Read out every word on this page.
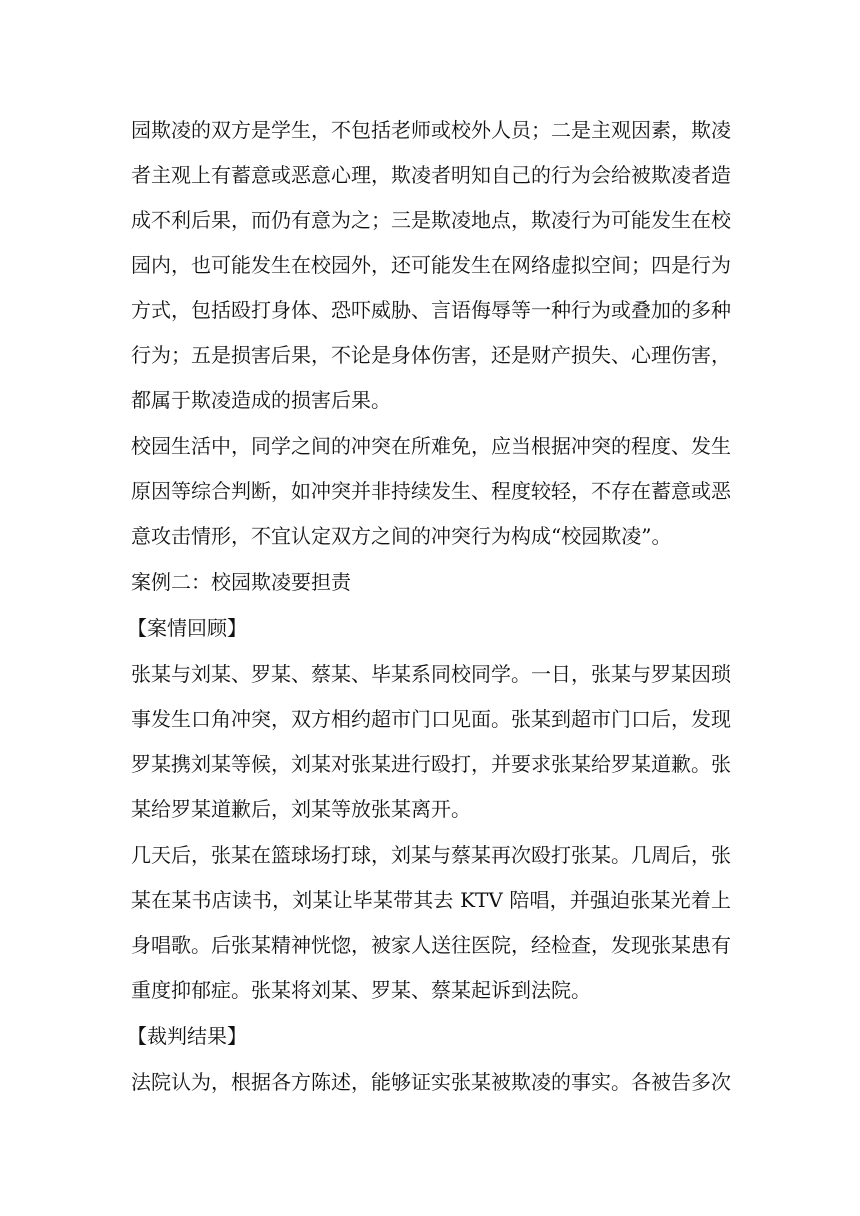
园欺凌的双方是学生，不包括老师或校外人员；二是主观因素，欺凌者主观上有蓄意或恶意心理，欺凌者明知自己的行为会给被欺凌者造成不利后果，而仍有意为之；三是欺凌地点，欺凌行为可能发生在校园内，也可能发生在校园外，还可能发生在网络虚拟空间；四是行为方式，包括殴打身体、恐吓威胁、言语侮辱等一种行为或叠加的多种行为；五是损害后果，不论是身体伤害，还是财产损失、心理伤害，都属于欺凌造成的损害后果。

校园生活中，同学之间的冲突在所难免，应当根据冲突的程度、发生原因等综合判断，如冲突并非持续发生、程度较轻，不存在蓄意或恶意攻击情形，不宜认定双方之间的冲突行为构成“校园欺凌”。

案例二：校园欺凌要担责

【案情回顾】

张某与刘某、罗某、蔡某、毕某系同校同学。一日，张某与罗某因琐事发生口角冲突，双方相约超市门口见面。张某到超市门口后，发现罗某携刘某等候，刘某对张某进行殴打，并要求张某给罗某道歉。张某给罗某道歉后，刘某等放张某离开。

几天后，张某在篮球场打球，刘某与蔡某再次殴打张某。几周后，张某在某书店读书，刘某让毕某带其去 KTV 陪唱，并强迫张某光着上身唱歌。后张某精神恍惚，被家人送往医院，经检查，发现张某患有重度抑郁症。张某将刘某、罗某、蔡某起诉到法院。

【裁判结果】

法院认为，根据各方陈述，能够证实张某被欺凌的事实。各被告多次
